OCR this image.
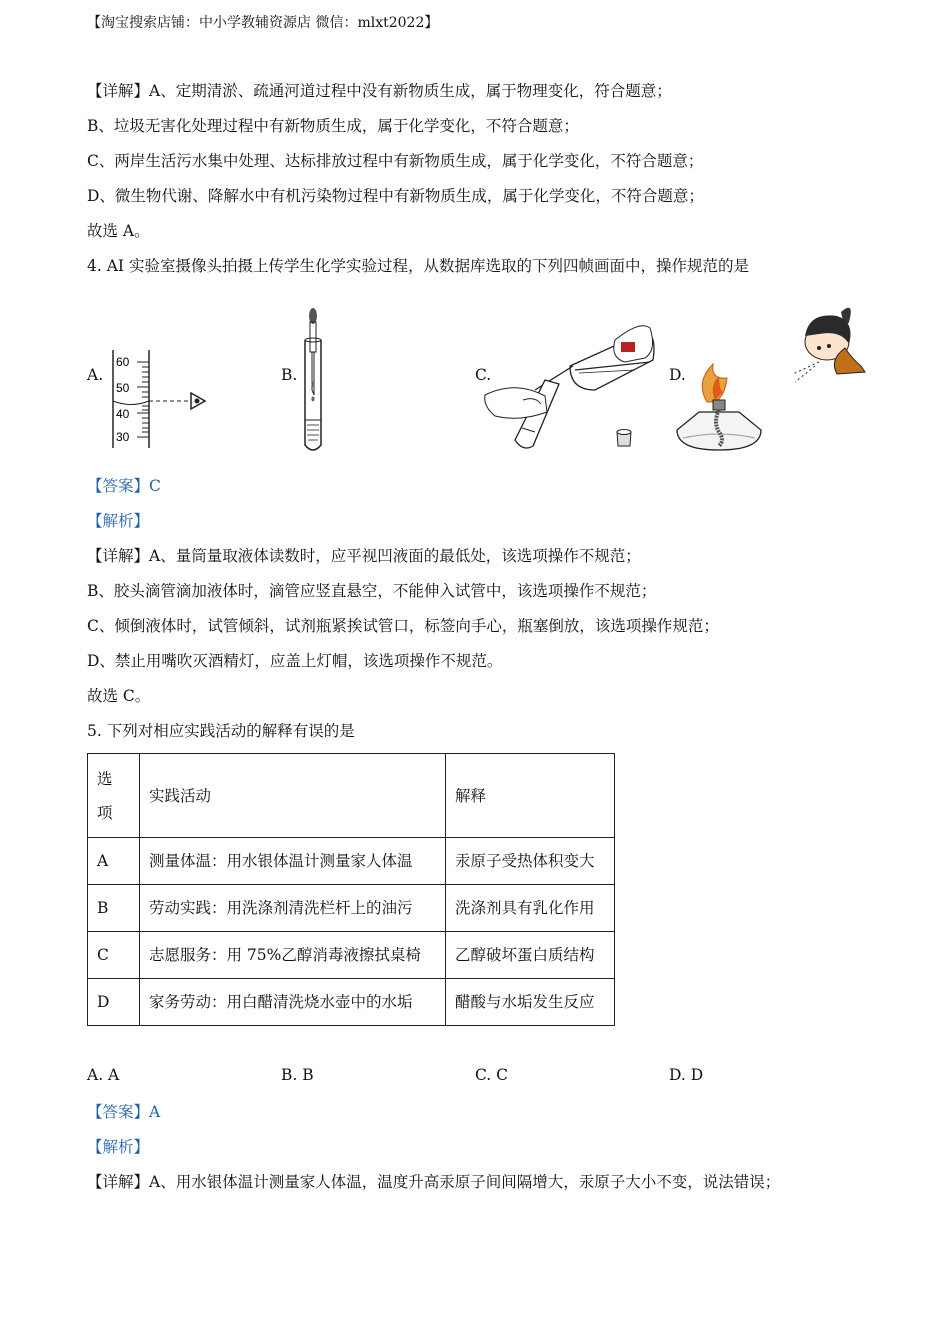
【淘宝搜索店铺：中小学教辅资源店 微信：mlxt2022】
【详解】A、定期清淤、疏通河道过程中没有新物质生成，属于物理变化，符合题意；
B、垃圾无害化处理过程中有新物质生成，属于化学变化，不符合题意；
C、两岸生活污水集中处理、达标排放过程中有新物质生成，属于化学变化，不符合题意；
D、微生物代谢、降解水中有机污染物过程中有新物质生成，属于化学变化，不符合题意；
故选 A。
4. AI 实验室摄像头拍摄上传学生化学实验过程，从数据库选取的下列四帧画面中，操作规范的是
A.
60
50
40
30
B.	C.	D.
【答案】C
【解析】
【详解】A、量筒量取液体读数时，应平视凹液面的最低处，该选项操作不规范；
B、胶头滴管滴加液体时，滴管应竖直悬空，不能伸入试管中，该选项操作不规范；
C、倾倒液体时，试管倾斜，试剂瓶紧挨试管口，标签向手心，瓶塞倒放，该选项操作规范；
D、禁止用嘴吹灭酒精灯，应盖上灯帽，该选项操作不规范。
故选 C。
5. 下列对相应实践活动的解释有误的是
选
项	实践活动	解释
A	测量体温：用水银体温计测量家人体温	汞原子受热体积变大
B	劳动实践：用洗涤剂清洗栏杆上的油污	洗涤剂具有乳化作用
C	志愿服务：用 75%乙醇消毒液擦拭桌椅	乙醇破坏蛋白质结构
D	家务劳动：用白醋清洗烧水壶中的水垢	醋酸与水垢发生反应
A. A	B. B	C. C	D. D
【答案】A
【解析】
【详解】A、用水银体温计测量家人体温，温度升高汞原子间间隔增大，汞原子大小不变，说法错误；
